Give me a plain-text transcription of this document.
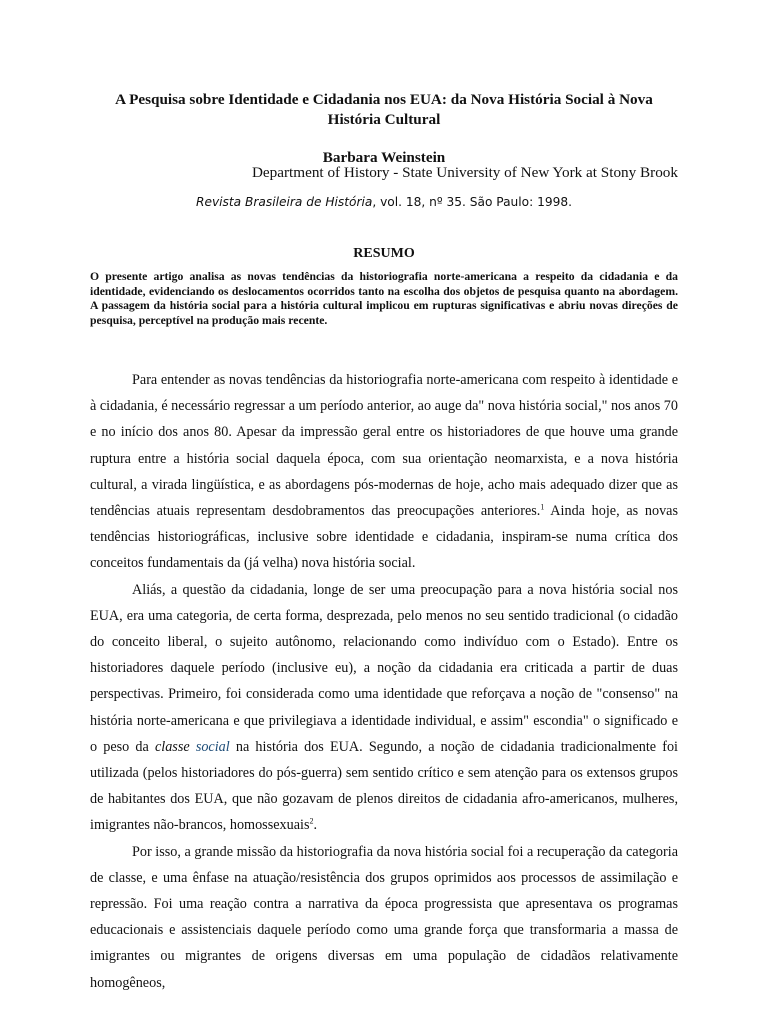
A Pesquisa sobre Identidade e Cidadania nos EUA: da Nova História Social à Nova História Cultural
Barbara Weinstein
Department of History - State University of New York at Stony Brook
Revista Brasileira de História, vol. 18, nº 35. São Paulo: 1998.
RESUMO
O presente artigo analisa as novas tendências da historiografia norte-americana a respeito da cidadania e da identidade, evidenciando os deslocamentos ocorridos tanto na escolha dos objetos de pesquisa quanto na abordagem. A passagem da história social para a história cultural implicou em rupturas significativas e abriu novas direções de pesquisa, perceptível na produção mais recente.

Para entender as novas tendências da historiografia norte-americana com respeito à identidade e à cidadania, é necessário regressar a um período anterior, ao auge da" nova história social," nos anos 70 e no início dos anos 80. Apesar da impressão geral entre os historiadores de que houve uma grande ruptura entre a história social daquela época, com sua orientação neomarxista, e a nova história cultural, a virada lingüística, e as abordagens pós-modernas de hoje, acho mais adequado dizer que as tendências atuais representam desdobramentos das preocupações anteriores.$^1$ Ainda hoje, as novas tendências historiográficas, inclusive sobre identidade e cidadania, inspiram-se numa crítica dos conceitos fundamentais da (já velha) nova história social.

Aliás, a questão da cidadania, longe de ser uma preocupação para a nova história social nos EUA, era uma categoria, de certa forma, desprezada, pelo menos no seu sentido tradicional (o cidadão do conceito liberal, o sujeito autônomo, relacionando como indivíduo com o Estado). Entre os historiadores daquele período (inclusive eu), a noção da cidadania era criticada a partir de duas perspectivas. Primeiro, foi considerada como uma identidade que reforçava a noção de "consenso" na história norte-americana e que privilegiava a identidade individual, e assim" escondia" o significado e o peso da classe social na história dos EUA. Segundo, a noção de cidadania tradicionalmente foi utilizada (pelos historiadores do pós-guerra) sem sentido crítico e sem atenção para os extensos grupos de habitantes dos EUA, que não gozavam de plenos direitos de cidadania afro-americanos, mulheres, imigrantes não-brancos, homossexuais$^2$.

Por isso, a grande missão da historiografia da nova história social foi a recuperação da categoria de classe, e uma ênfase na atuação/resistência dos grupos oprimidos aos processos de assimilação e repressão. Foi uma reação contra a narrativa da época progressista que apresentava os programas educacionais e assistenciais daquele período como uma grande força que transformaria a massa de imigrantes ou migrantes de origens diversas em uma população de cidadãos relativamente homogêneos,
